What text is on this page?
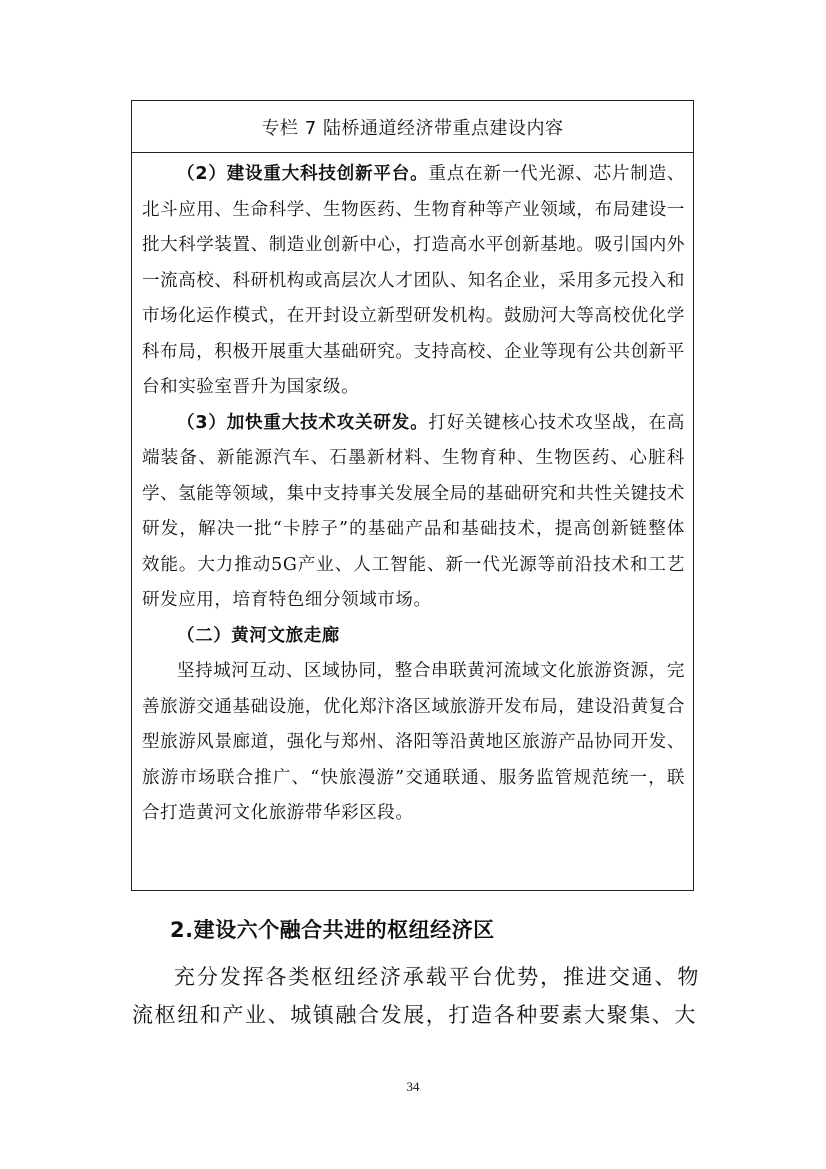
专栏 7 陆桥通道经济带重点建设内容

（2）建设重大科技创新平台。重点在新一代光源、芯片制造、北斗应用、生命科学、生物医药、生物育种等产业领域，布局建设一批大科学装置、制造业创新中心，打造高水平创新基地。吸引国内外一流高校、科研机构或高层次人才团队、知名企业，采用多元投入和市场化运作模式，在开封设立新型研发机构。鼓励河大等高校优化学科布局，积极开展重大基础研究。支持高校、企业等现有公共创新平台和实验室晋升为国家级。

（3）加快重大技术攻关研发。打好关键核心技术攻坚战，在高端装备、新能源汽车、石墨新材料、生物育种、生物医药、心脏科学、氢能等领域，集中支持事关发展全局的基础研究和共性关键技术研发，解决一批“卡脖子”的基础产品和基础技术，提高创新链整体效能。大力推动5G产业、人工智能、新一代光源等前沿技术和工艺研发应用，培育特色细分领域市场。

（二）黄河文旅走廊

坚持城河互动、区域协同，整合串联黄河流域文化旅游资源，完善旅游交通基础设施，优化郑汴洛区域旅游开发布局，建设沿黄复合型旅游风景廊道，强化与郑州、洛阳等沿黄地区旅游产品协同开发、旅游市场联合推广、“快旅漫游”交通联通、服务监管规范统一，联合打造黄河文化旅游带华彩区段。

2.建设六个融合共进的枢纽经济区

充分发挥各类枢纽经济承载平台优势，推进交通、物流枢纽和产业、城镇融合发展，打造各种要素大聚集、大

34
